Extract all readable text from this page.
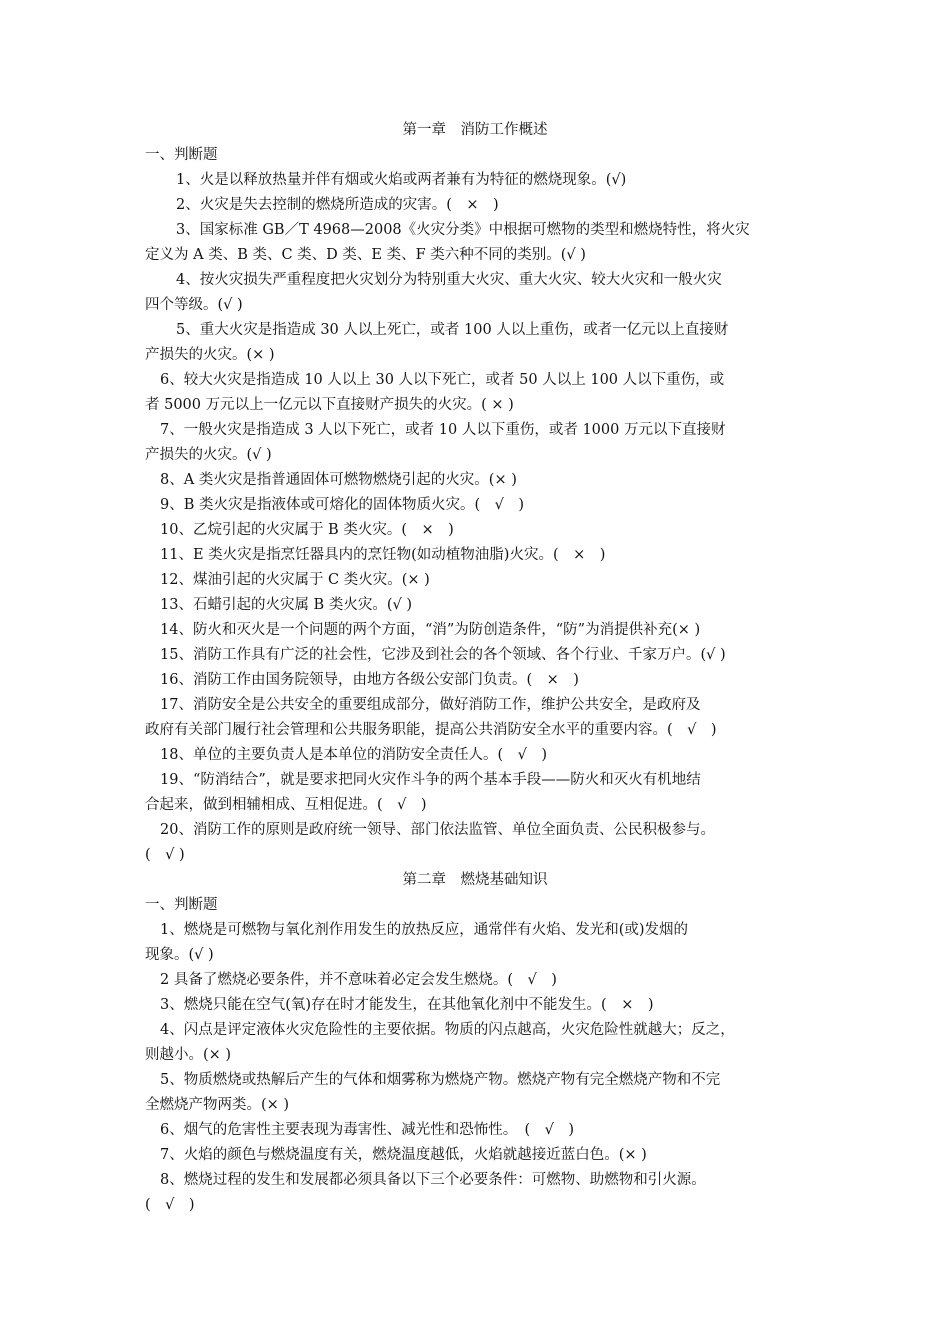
第一章　消防工作概述
一、判断题
1、火是以释放热量并伴有烟或火焰或两者兼有为特征的燃烧现象。(√)
2、火灾是失去控制的燃烧所造成的灾害。(　×　)
3、国家标准 GB／T 4968—2008《火灾分类》中根据可燃物的类型和燃烧特性，将火灾
定义为 A 类、B 类、C 类、D 类、E 类、F 类六种不同的类别。(√ )
4、按火灾损失严重程度把火灾划分为特别重大火灾、重大火灾、较大火灾和一般火灾
四个等级。(√ )
5、重大火灾是指造成 30 人以上死亡，或者 100 人以上重伤，或者一亿元以上直接财
产损失的火灾。(× )
6、较大火灾是指造成 10 人以上 30 人以下死亡，或者 50 人以上 100 人以下重伤，或
者 5000 万元以上一亿元以下直接财产损失的火灾。( × )
7、一般火灾是指造成 3 人以下死亡，或者 10 人以下重伤，或者 1000 万元以下直接财
产损失的火灾。(√ )
8、A 类火灾是指普通固体可燃物燃烧引起的火灾。(× )
9、B 类火灾是指液体或可熔化的固体物质火灾。(　√　)
10、乙烷引起的火灾属于 B 类火灾。(　×　)
11、E 类火灾是指烹饪器具内的烹饪物(如动植物油脂)火灾。(　×　)
12、煤油引起的火灾属于 C 类火灾。(× )
13、石蜡引起的火灾属 B 类火灾。(√ )
14、防火和灭火是一个问题的两个方面，“消”为防创造条件，“防”为消提供补充(× )
15、消防工作具有广泛的社会性，它涉及到社会的各个领域、各个行业、千家万户。(√ )
16、消防工作由国务院领导，由地方各级公安部门负责。(　×　)
17、消防安全是公共安全的重要组成部分，做好消防工作，维护公共安全，是政府及
政府有关部门履行社会管理和公共服务职能，提高公共消防安全水平的重要内容。(　√　)
18、单位的主要负责人是本单位的消防安全责任人。(　√　)
19、“防消结合”，就是要求把同火灾作斗争的两个基本手段——防火和灭火有机地结
合起来，做到相辅相成、互相促进。(　√　)
20、消防工作的原则是政府统一领导、部门依法监管、单位全面负责、公民积极参与。
(　√ )
第二章　燃烧基础知识
一、判断题
1、燃烧是可燃物与氧化剂作用发生的放热反应，通常伴有火焰、发光和(或)发烟的
现象。(√ )
2 具备了燃烧必要条件，并不意味着必定会发生燃烧。(　√　)
3、燃烧只能在空气(氧)存在时才能发生，在其他氧化剂中不能发生。(　×　)
4、闪点是评定液体火灾危险性的主要依据。物质的闪点越高，火灾危险性就越大；反之，
则越小。(× )
5、物质燃烧或热解后产生的气体和烟雾称为燃烧产物。燃烧产物有完全燃烧产物和不完
全燃烧产物两类。(× )
6、烟气的危害性主要表现为毒害性、减光性和恐怖性。　(　√　)
7、火焰的颜色与燃烧温度有关，燃烧温度越低，火焰就越接近蓝白色。(× )
8、燃烧过程的发生和发展都必须具备以下三个必要条件：可燃物、助燃物和引火源。
(　√　)
